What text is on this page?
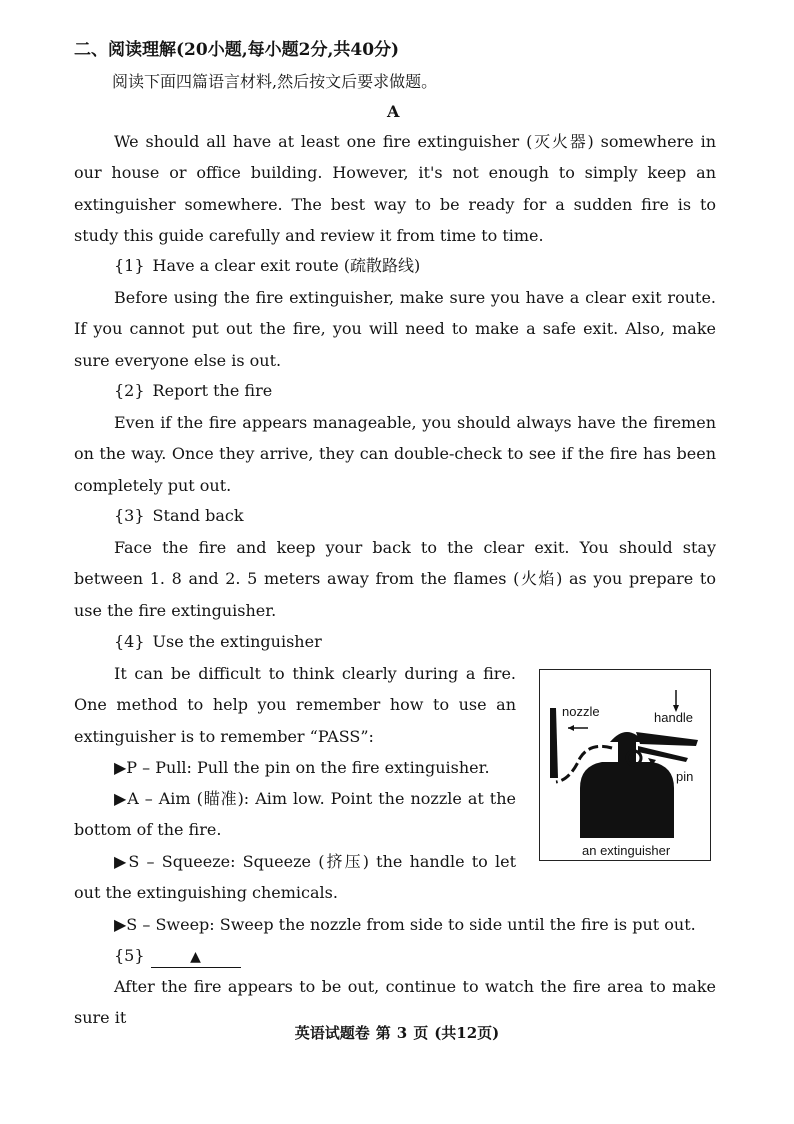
二、阅读理解(20小题,每小题2分,共40分)
阅读下面四篇语言材料,然后按文后要求做题。
A

We should all have at least one fire extinguisher (灭火器) somewhere in our house or office building. However, it's not enough to simply keep an extinguisher somewhere. The best way to be ready for a sudden fire is to study this guide carefully and review it from time to time.

{1} Have a clear exit route (疏散路线)

Before using the fire extinguisher, make sure you have a clear exit route. If you cannot put out the fire, you will need to make a safe exit. Also, make sure everyone else is out.

{2} Report the fire

Even if the fire appears manageable, you should always have the firemen on the way. Once they arrive, they can double-check to see if the fire has been completely put out.

{3} Stand back

Face the fire and keep your back to the clear exit. You should stay between 1. 8 and 2. 5 meters away from the flames (火焰) as you prepare to use the fire extinguisher.

{4} Use the extinguisher

It can be difficult to think clearly during a fire. One method to help you remember how to use an extinguisher is to remember “PASS”:

▶P – Pull: Pull the pin on the fire extinguisher.

▶A – Aim (瞄准): Aim low. Point the nozzle at the bottom of the fire.

▶S – Squeeze: Squeeze (挤压) the handle to let out the extinguishing chemicals.

▶S – Sweep: Sweep the nozzle from side to side until the fire is put out.

{5}	▲

After the fire appears to be out, continue to watch the fire area to make sure it

nozzle	handle
pin
an extinguisher
英语试题卷 第 3 页 (共12页)
